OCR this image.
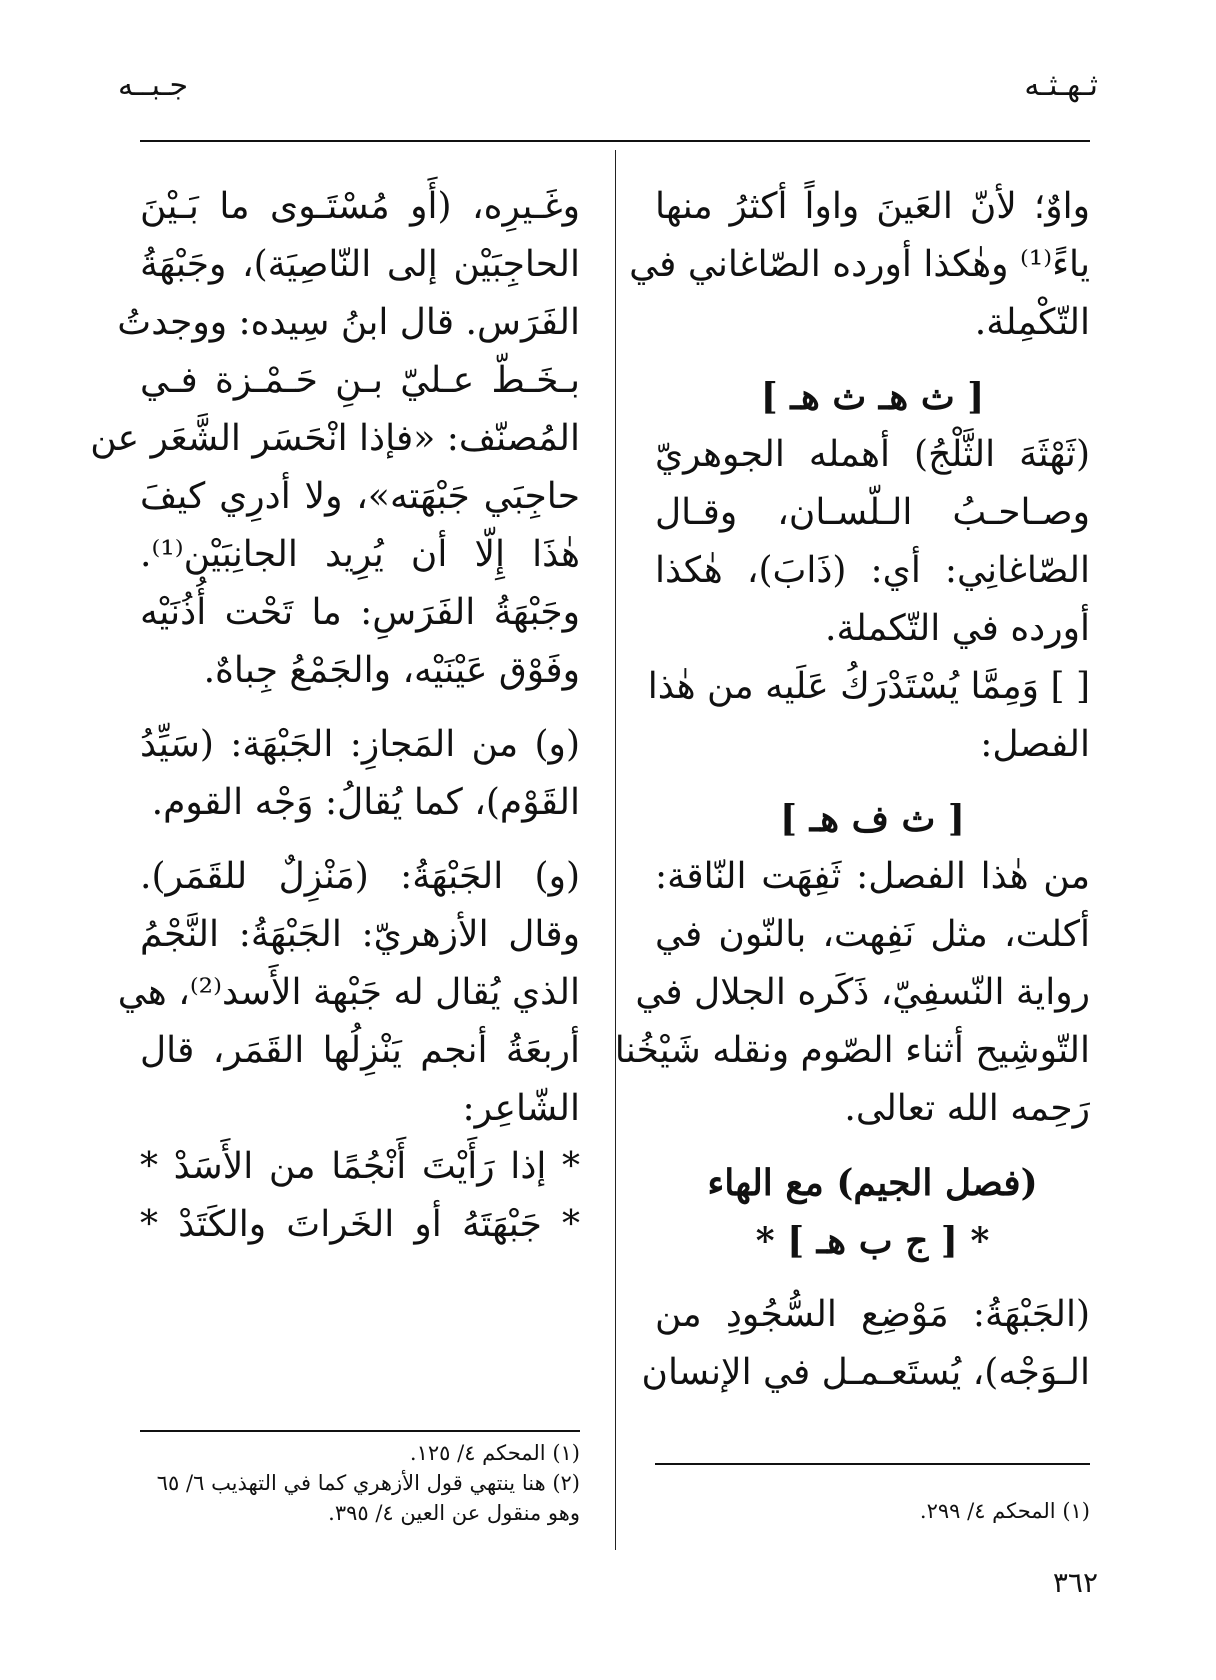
ثـهـثـه
جـبــه
واوٌ؛ لأنّ العَينَ واواً أكثرُ منها
ياءً⁽¹⁾ وهٰكذا أورده الصّاغاني في
التّكْمِلة.
[ ث هـ ث هـ ]
(ثَهْثَهَ الثَّلْجُ) أهمله الجوهريّ
وصـاحـبُ الـلّسـان، وقـال
الصّاغانِي: أي: (ذَابَ)، هٰكذا
أورده في التّكملة.
[ ] وَمِمَّا يُسْتَدْرَكُ عَلَيه من هٰذا
الفصل:
[ ث ف هـ ]
من هٰذا الفصل: ثَفِهَت النّاقة:
أكلت، مثل نَفِهت، بالنّون في
رواية النّسفِيّ، ذَكَره الجلال في
التّوشِيح أثناء الصّوم ونقله شَيْخُنا
رَحِمه الله تعالى.
(فصل الجيم) مع الهاء
* [ ج ب هـ ] *
(الجَبْهَةُ: مَوْضِع السُّجُودِ من
الـوَجْه)، يُستَعـمـل في الإنسان
وغَـيرِه، (أَو مُسْتَـوى ما بَـيْنَ
الحاجِبَيْن إلى النّاصِيَة)، وجَبْهَةُ
الفَرَس. قال ابنُ سِيده: ووجدتُ
بـخَـطّ عـليّ بـنِ حَـمْـزة فـي
المُصنّف: «فإذا انْحَسَر الشَّعَر عن
حاجِبَي جَبْهَته»، ولا أدرِي كيفَ
هٰذَا إِلّا أن يُرِيد الجانِبَيْن⁽¹⁾.
وجَبْهَةُ الفَرَسِ: ما تَحْت أُذُنَيْه
وفَوْق عَيْنَيْه، والجَمْعُ جِباهٌ.
(و) من المَجازِ: الجَبْهَة: (سَيِّدُ
القَوْم)، كما يُقالُ: وَجْه القوم.
(و) الجَبْهَةُ: (مَنْزِلٌ للقَمَر).
وقال الأزهريّ: الجَبْهَةُ: النَّجْمُ
الذي يُقال له جَبْهة الأَسد⁽²⁾، هي
أربعَةُ أنجم يَنْزِلُها القَمَر، قال
الشّاعِر:
* إذا رَأَيْتَ أَنْجُمًا من الأَسَدْ *
* جَبْهَتَهُ أو الخَراتَ والكَتَدْ *
(١) المحكم ٤/ ٢٩٩.
(١) المحكم ٤/ ١٢٥.
(٢) هنا ينتهي قول الأزهري كما في التهذيب ٦/ ٦٥
وهو منقول عن العين ٤/ ٣٩٥.
٣٦٢
